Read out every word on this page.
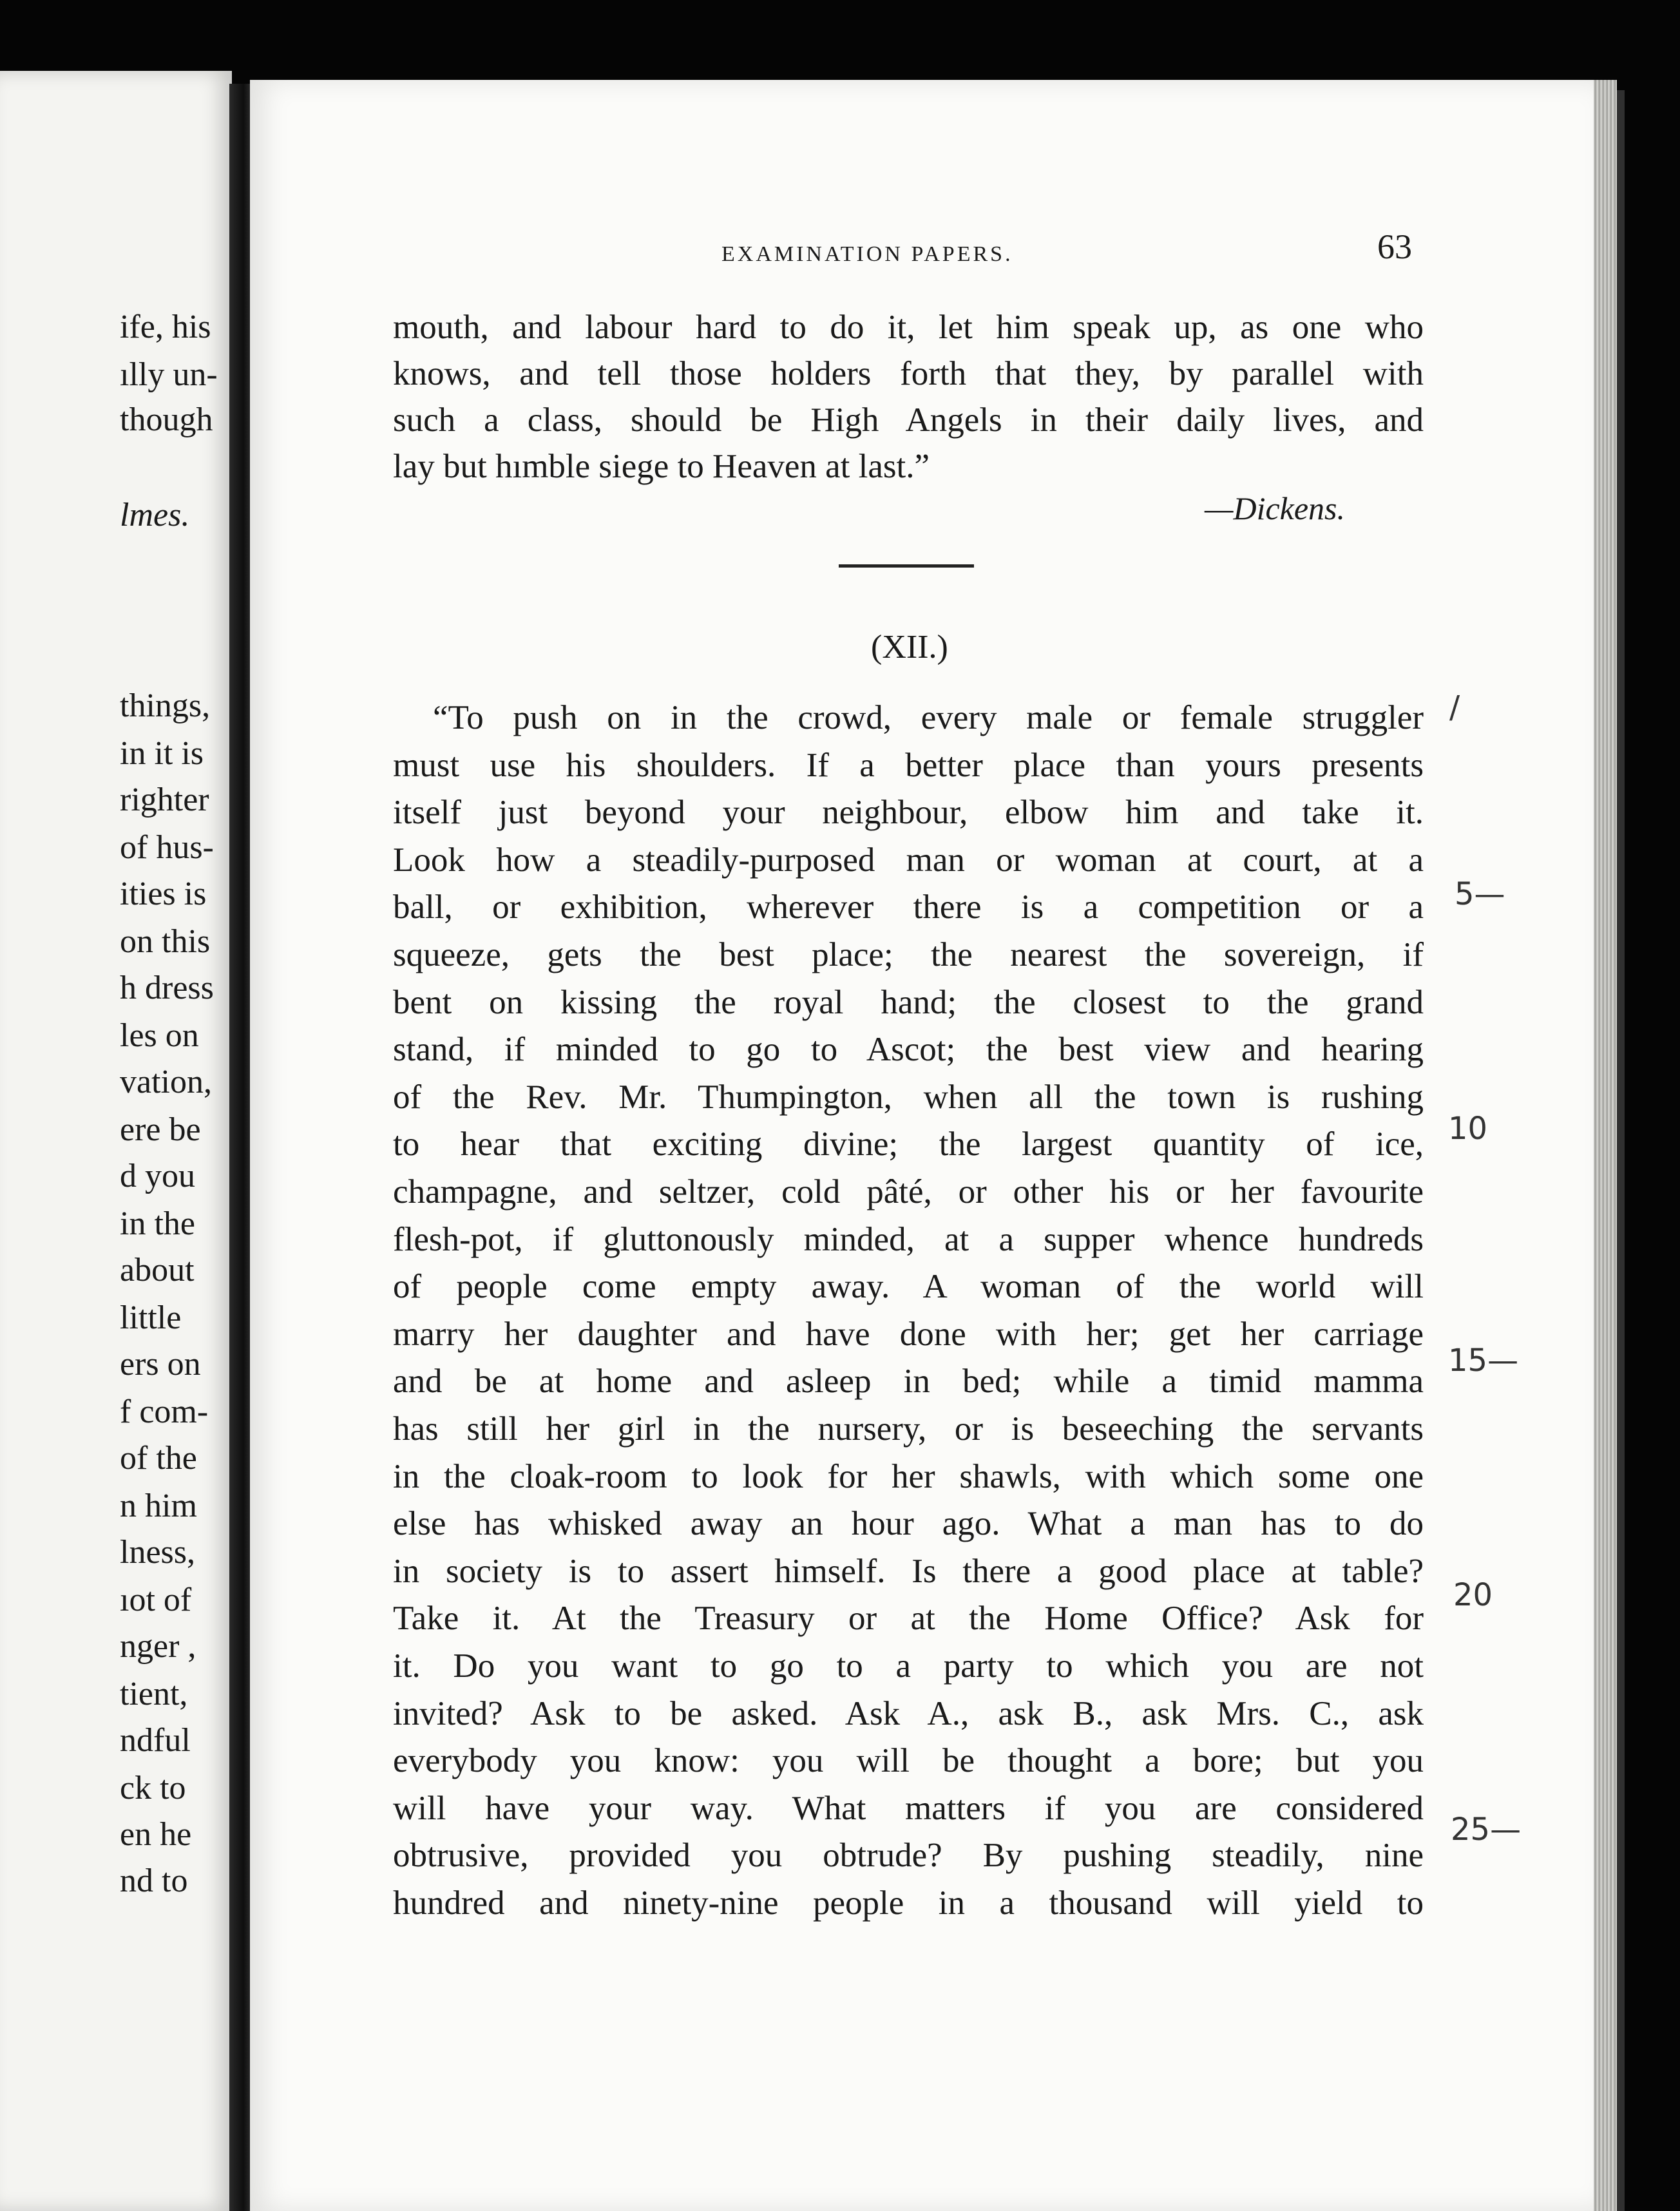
ife, his
ılly un-
though
lmes.
things,
in it is
righter
of hus-
ities is
on this
h dress
les on
vation,
ere be
d you
in the
about
little
ers on
f com-
of the
n him
lness,
ıot of
nger ,
tient,
ndful
ck to
en he
nd to
EXAMINATION PAPERS.	63
mouth, and labour hard to do it, let him speak up, as one who
knows, and tell those holders forth that they, by parallel with
such a class, should be High Angels in their daily lives, and
lay but hımble siege to Heaven at last.”
—Dickens.
(XII.)
“To push on in the crowd, every male or female struggler
must use his shoulders. If a better place than yours presents
itself just beyond your neighbour, elbow him and take it.
Look how a steadily-purposed man or woman at court, at a
ball, or exhibition, wherever there is a competition or a
squeeze, gets the best place; the nearest the sovereign, if
bent on kissing the royal hand; the closest to the grand
stand, if minded to go to Ascot; the best view and hearing
of the Rev. Mr. Thumpington, when all the town is rushing
to hear that exciting divine; the largest quantity of ice,
champagne, and seltzer, cold pâté, or other his or her favourite
flesh-pot, if gluttonously minded, at a supper whence hundreds
of people come empty away. A woman of the world will
marry her daughter and have done with her; get her carriage
and be at home and asleep in bed; while a timid mamma
has still her girl in the nursery, or is beseeching the servants
in the cloak-room to look for her shawls, with which some one
else has whisked away an hour ago. What a man has to do
in society is to assert himself. Is there a good place at table?
Take it. At the Treasury or at the Home Office? Ask for
it. Do you want to go to a party to which you are not
invited? Ask to be asked. Ask A., ask B., ask Mrs. C., ask
everybody you know: you will be thought a bore; but you
will have your way. What matters if you are considered
obtrusive, provided you obtrude? By pushing steadily, nine
hundred and ninety-nine people in a thousand will yield to
/
5—
10
15—
20
25—
